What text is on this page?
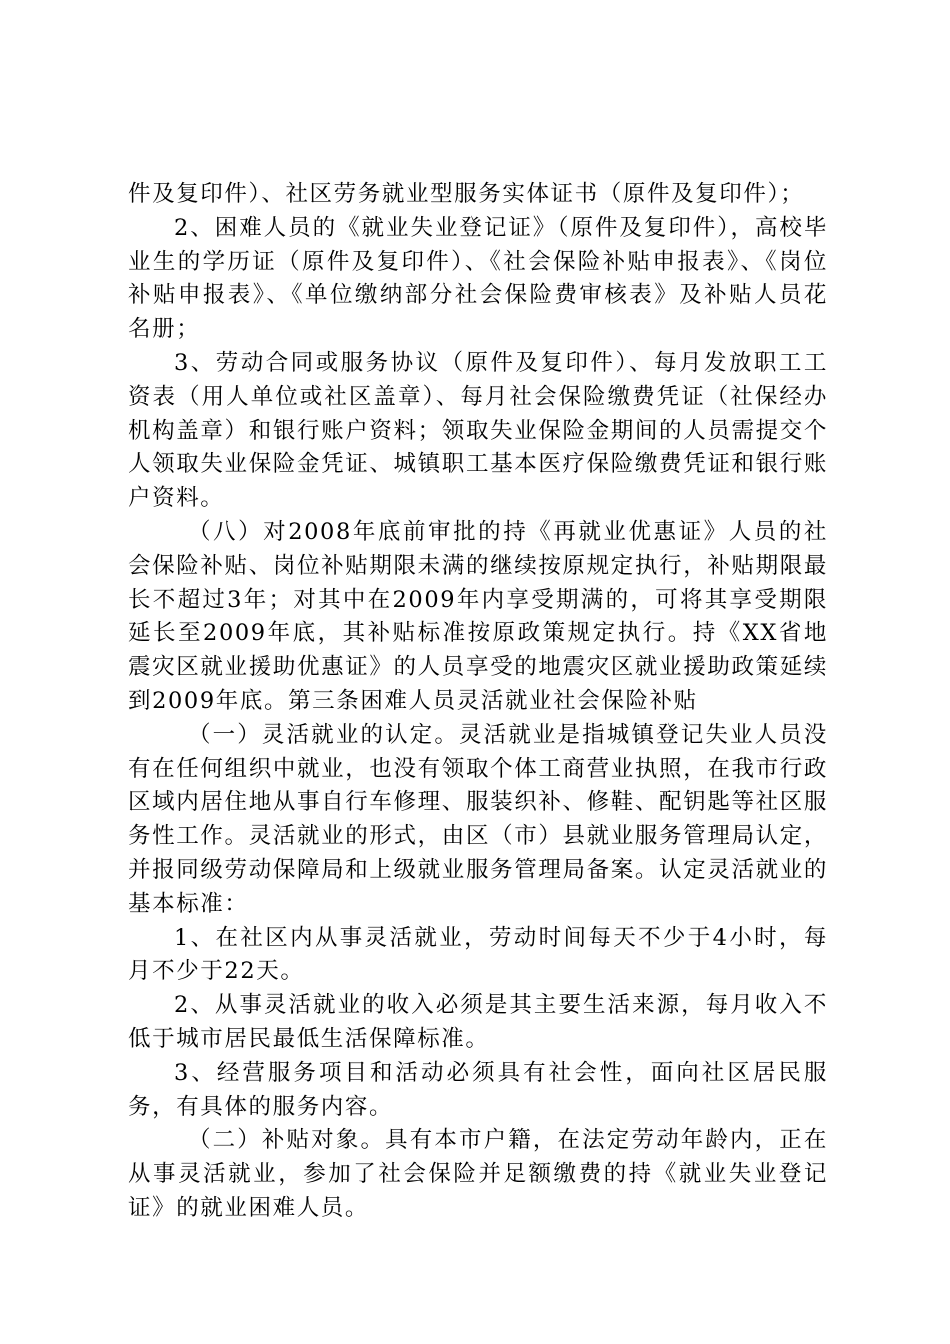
件及复印件）、社区劳务就业型服务实体证书（原件及复印件）；

2、困难人员的《就业失业登记证》（原件及复印件），高校毕业生的学历证（原件及复印件）、《社会保险补贴申报表》、《岗位补贴申报表》、《单位缴纳部分社会保险费审核表》及补贴人员花名册；

3、劳动合同或服务协议（原件及复印件）、每月发放职工工资表（用人单位或社区盖章）、每月社会保险缴费凭证（社保经办机构盖章）和银行账户资料；领取失业保险金期间的人员需提交个人领取失业保险金凭证、城镇职工基本医疗保险缴费凭证和银行账户资料。

（八）对2008年底前审批的持《再就业优惠证》人员的社会保险补贴、岗位补贴期限未满的继续按原规定执行，补贴期限最长不超过3年；对其中在2009年内享受期满的，可将其享受期限延长至2009年底，其补贴标准按原政策规定执行。持《XX省地震灾区就业援助优惠证》的人员享受的地震灾区就业援助政策延续到2009年底。第三条困难人员灵活就业社会保险补贴

（一）灵活就业的认定。灵活就业是指城镇登记失业人员没有在任何组织中就业，也没有领取个体工商营业执照，在我市行政区域内居住地从事自行车修理、服装织补、修鞋、配钥匙等社区服务性工作。灵活就业的形式，由区（市）县就业服务管理局认定，并报同级劳动保障局和上级就业服务管理局备案。认定灵活就业的基本标准：

1、在社区内从事灵活就业，劳动时间每天不少于4小时，每月不少于22天。

2、从事灵活就业的收入必须是其主要生活来源，每月收入不低于城市居民最低生活保障标准。

3、经营服务项目和活动必须具有社会性，面向社区居民服务，有具体的服务内容。

（二）补贴对象。具有本市户籍，在法定劳动年龄内，正在从事灵活就业，参加了社会保险并足额缴费的持《就业失业登记证》的就业困难人员。
